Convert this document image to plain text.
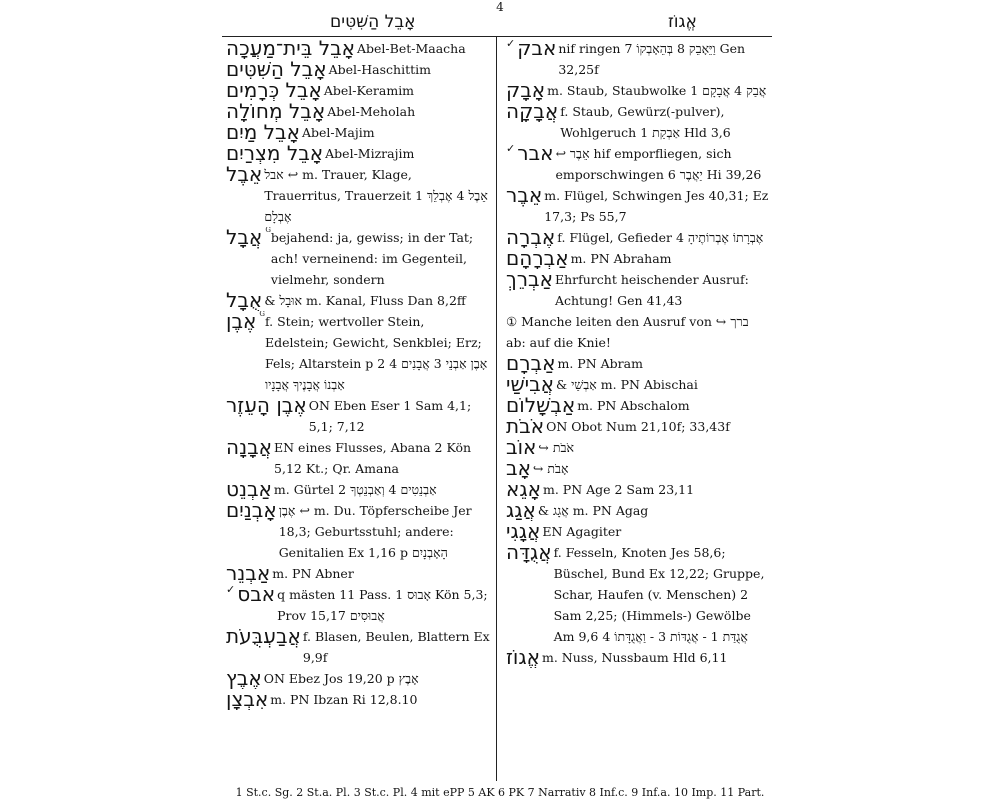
4
אָבֵל הַשִּׁטִּים	אֱגוֹז
אָבֵל בֵּית־מַעֲכָה Abel-Bet-Maacha
אָבֵל הַשִּׁטִּים Abel-Haschittim
אָבֵל כְּרָמִים Abel-Keramim
אָבֵל מְחוֹלָה Abel-Meholah
אָבֵל מַיִם Abel-Majim
אָבֵל מִצְרַיִם Abel-Mizrajim
אֵבֶל אבל ↩ m. Trauer, Klage, Trauerritus, Trauerzeit 1 אֵבֶל 4 אֶבְלֵךְ אֶבְלָם
אֲבָל $^G$ bejahend: ja, gewiss; in der Tat; ach! verneinend: im Gegenteil, vielmehr, sondern
אֻבָל & אוּבָל m. Kanal, Fluss Dan 8,2ff
אֶבֶן $^G$ f. Stein; wertvoller Stein, Edelstein; Gewicht, Senkblei; Erz; Fels; Altarstein p 2 אָבֶן אַבְנֵי 3 אֲבָנִים 4 אַבְנוֹ אֲבָנֶיךָ אֲבָנָיו
אֶבֶן הָעֵזֶר ON Eben Eser 1 Sam 4,1; 5,1; 7,12
אֲבָנָה EN eines Flusses, Abana 2 Kön 5,12 Kt.; Qr. Amana
אַבְנֵט m. Gürtel 2 אַבְנֵטִים 4 וְאַבְנֵטְךָ
אָבְנַיִם אֶבֶן ↩ m. Du. Töpferscheibe Jer 18,3; Geburtsstuhl; andere: Genitalien Ex 1,16 p הָאָבְנָיִם
אַבְנֵר m. PN Abner
✓ אבס q mästen 11 Pass. אָבוּס 1 Kön 5,3; Prov 15,17 אֲבוּסִים
אֲבַעְבֻּעֹת f. Blasen, Beulen, Blattern Ex 9,9f
אֶבֶץ ON Ebez Jos 19,20 p אָבֶץ
אִבְצָן m. PN Ibzan Ri 12,8.10
✓ אבק nif ringen 7 וַיֵּאָבֵק 8 בְּהֵאָבְקוֹ Gen 32,25f
אָבָק m. Staub, Staubwolke 1 אֲבַק 4 אֲבָקָם
אֲבָקָה f. Staub, Gewürz(-pulver), Wohlgeruch 1 אַבְקַת Hld 3,6
✓ אבר ↩ אֵבֶר hif emporfliegen, sich emporschwingen 6 יַאֲבֶר Hi 39,26
אֵבֶר m. Flügel, Schwingen Jes 40,31; Ez 17,3; Ps 55,7
אֶבְרָה f. Flügel, Gefieder 4 אֶבְרָתוֹ אֶבְרוֹתֶיהָ
אַבְרָהָם m. PN Abraham
אַבְרֵךְ Ehrfurcht heischender Ausruf: Achtung! Gen 41,43
① Manche leiten den Ausruf von ↪ ברך ab: auf die Knie!
אַבְרָם m. PN Abram
אֲבִישַׁי & אַבְשַׁי m. PN Abischai
אַבְשָׁלוֹם m. PN Abschalom
אֹבֹת ON Obot Num 21,10f; 33,43f
אוֹב ↪ אֹבֹת
אָב ↪ אָבֹת
אָגֵא m. PN Age 2 Sam 23,11
אֲגַג & אֲגָג m. PN Agag
אֲגָגִי EN Agagiter
אֲגֻדָּה f. Fesseln, Knoten Jes 58,6; Büschel, Bund Ex 12,22; Gruppe, Schar, Haufen (v. Menschen) 2 Sam 2,25; (Himmels-) Gewölbe Am 9,6 אֲגֻדַּת 1 - אֲגֻדּוֹת 3 - וַאֲגֻדָּתוֹ 4
אֱגוֹז m. Nuss, Nussbaum Hld 6,11
1 St.c. Sg. 2 St.a. Pl. 3 St.c. Pl. 4 mit ePP 5 AK 6 PK 7 Narrativ 8 Inf.c. 9 Inf.a. 10 Imp. 11 Part.
